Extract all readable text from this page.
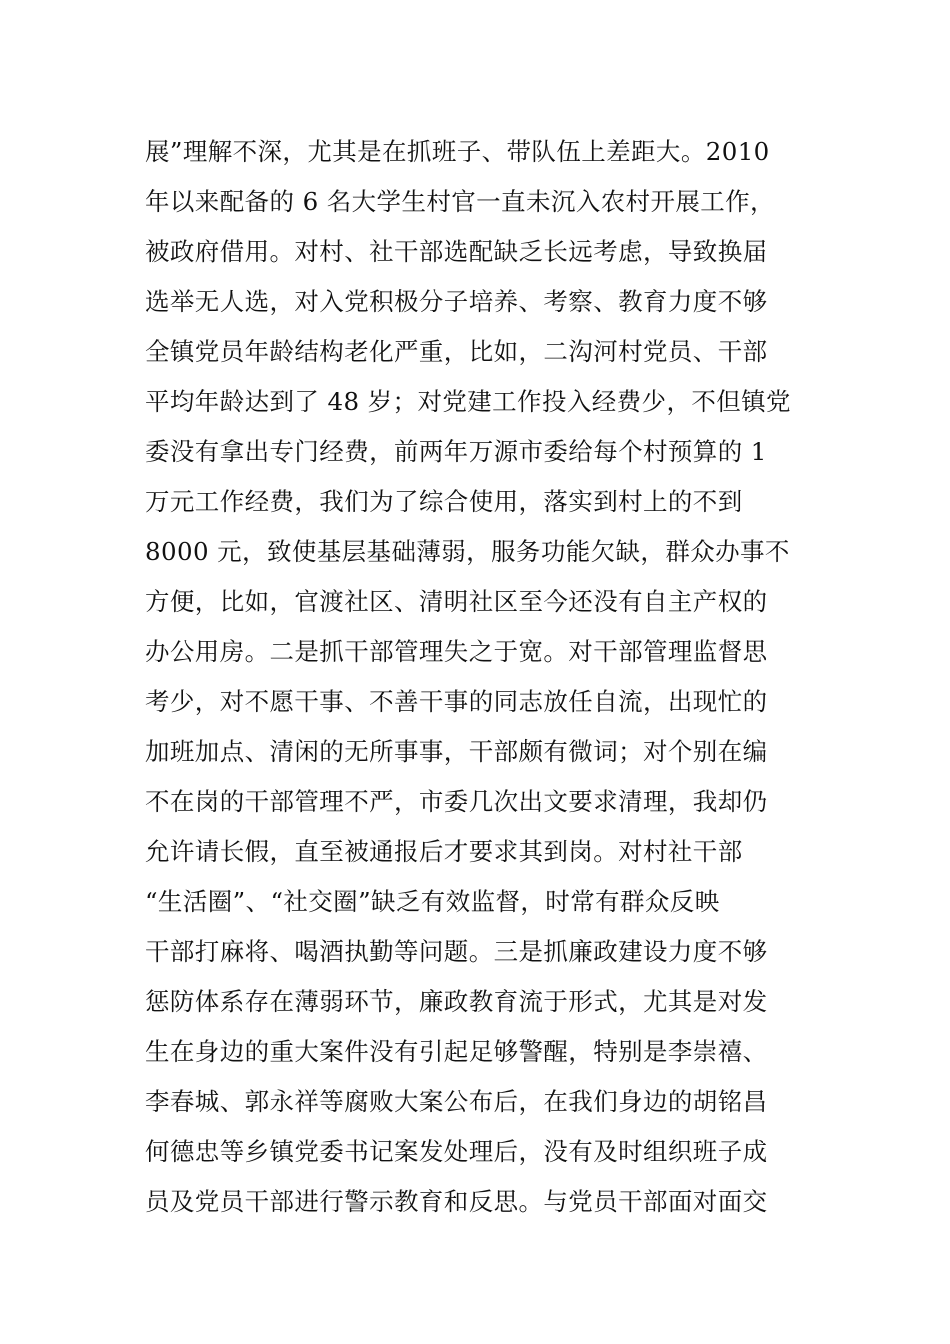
展”理解不深，尤其是在抓班子、带队伍上差距大。2010
年以来配备的 6 名大学生村官一直未沉入农村开展工作，
被政府借用。对村、社干部选配缺乏长远考虑，导致换届
选举无人选，对入党积极分子培养、考察、教育力度不够
全镇党员年龄结构老化严重，比如，二沟河村党员、干部
平均年龄达到了 48 岁；对党建工作投入经费少，不但镇党
委没有拿出专门经费，前两年万源市委给每个村预算的 1
万元工作经费，我们为了综合使用，落实到村上的不到
8000 元，致使基层基础薄弱，服务功能欠缺，群众办事不
方便，比如，官渡社区、清明社区至今还没有自主产权的
办公用房。二是抓干部管理失之于宽。对干部管理监督思
考少，对不愿干事、不善干事的同志放任自流，出现忙的
加班加点、清闲的无所事事，干部颇有微词；对个别在编
不在岗的干部管理不严，市委几次出文要求清理，我却仍
允许请长假，直至被通报后才要求其到岗。对村社干部
“生活圈”、“社交圈”缺乏有效监督，时常有群众反映
干部打麻将、喝酒执勤等问题。三是抓廉政建设力度不够
惩防体系存在薄弱环节，廉政教育流于形式，尤其是对发
生在身边的重大案件没有引起足够警醒，特别是李崇禧、
李春城、郭永祥等腐败大案公布后，在我们身边的胡铭昌
何德忠等乡镇党委书记案发处理后，没有及时组织班子成
员及党员干部进行警示教育和反思。与党员干部面对面交
